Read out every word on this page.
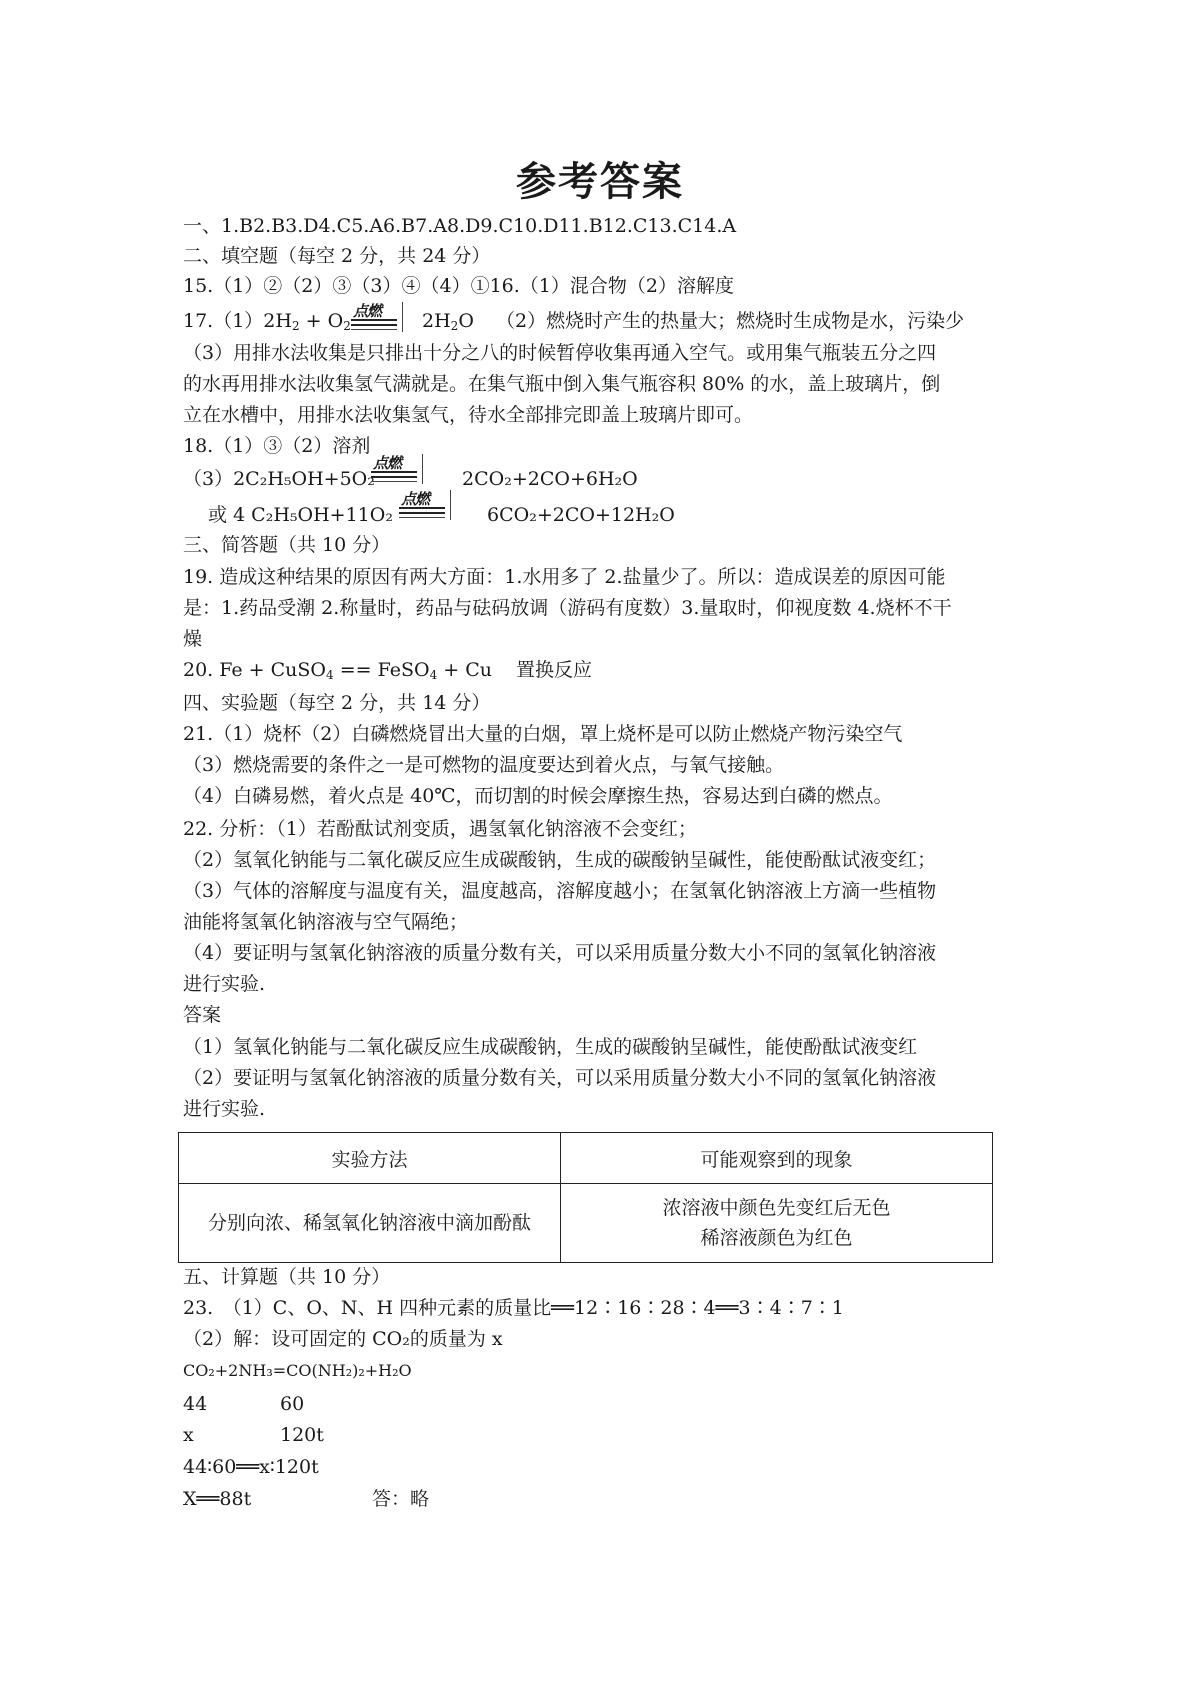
参考答案
一、1.B2.B3.D4.C5.A6.B7.A8.D9.C10.D11.B12.C13.C14.A
二、填空题（每空 2 分，共 24 分）
15.（1）②（2）③（3）④（4）①16.（1）混合物（2）溶解度
$17.(1)2H_2 + O_2$
点燃 $2H_2O$ （2）燃烧时产生的热量大；燃烧时生成物是水，污染少
（3）用排水法收集是只排出十分之八的时候暂停收集再通入空气。或用集气瓶装五分之四
的水再用排水法收集氢气满就是。在集气瓶中倒入集气瓶容积 80% 的水，盖上玻璃片，倒
立在水槽中，用排水法收集氢气，待水全部排完即盖上玻璃片即可。
18.（1）③（2）溶剂
（3）2C₂H₅OH+5O₂
点燃
2CO₂+2CO+6H₂O
或 4 C₂H₅OH+11O₂
点燃
6CO₂+2CO+12H₂O
三、简答题（共 10 分）
19. 造成这种结果的原因有两大方面：1.水用多了 2.盐量少了。所以：造成误差的原因可能
是：1.药品受潮 2.称量时，药品与砝码放调（游码有度数）3.量取时，仰视度数 4.烧杯不干
燥
20. Fe + CuSO$_4$ == FeSO$_4$ + Cu 置换反应
四、实验题（每空 2 分，共 14 分）
21.（1）烧杯（2）白磷燃烧冒出大量的白烟，罩上烧杯是可以防止燃烧产物污染空气
（3）燃烧需要的条件之一是可燃物的温度要达到着火点，与氧气接触。
（4）白磷易燃，着火点是 40℃，而切割的时候会摩擦生热，容易达到白磷的燃点。
22. 分析：（1）若酚酞试剂变质，遇氢氧化钠溶液不会变红；
（2）氢氧化钠能与二氧化碳反应生成碳酸钠，生成的碳酸钠呈碱性，能使酚酞试液变红；
（3）气体的溶解度与温度有关，温度越高，溶解度越小；在氢氧化钠溶液上方滴一些植物
油能将氢氧化钠溶液与空气隔绝；
（4）要证明与氢氧化钠溶液的质量分数有关，可以采用质量分数大小不同的氢氧化钠溶液
进行实验.
答案
（1）氢氧化钠能与二氧化碳反应生成碳酸钠，生成的碳酸钠呈碱性，能使酚酞试液变红
（2）要证明与氢氧化钠溶液的质量分数有关，可以采用质量分数大小不同的氢氧化钠溶液
进行实验.
实验方法	可能观察到的现象
分别向浓、稀氢氧化钠溶液中滴加酚酞	浓溶液中颜色先变红后无色
稀溶液颜色为红色
五、计算题（共 10 分）
23.　（1）C、O、N、H 四种元素的质量比══12∶16∶28∶4══3∶4∶7∶1
（2）解：设可固定的 CO₂的质量为 x
CO₂+2NH₃=CO(NH₂)₂+H₂O
44	60
x	120t
44∶60══x∶120t
X══88t	答：略
